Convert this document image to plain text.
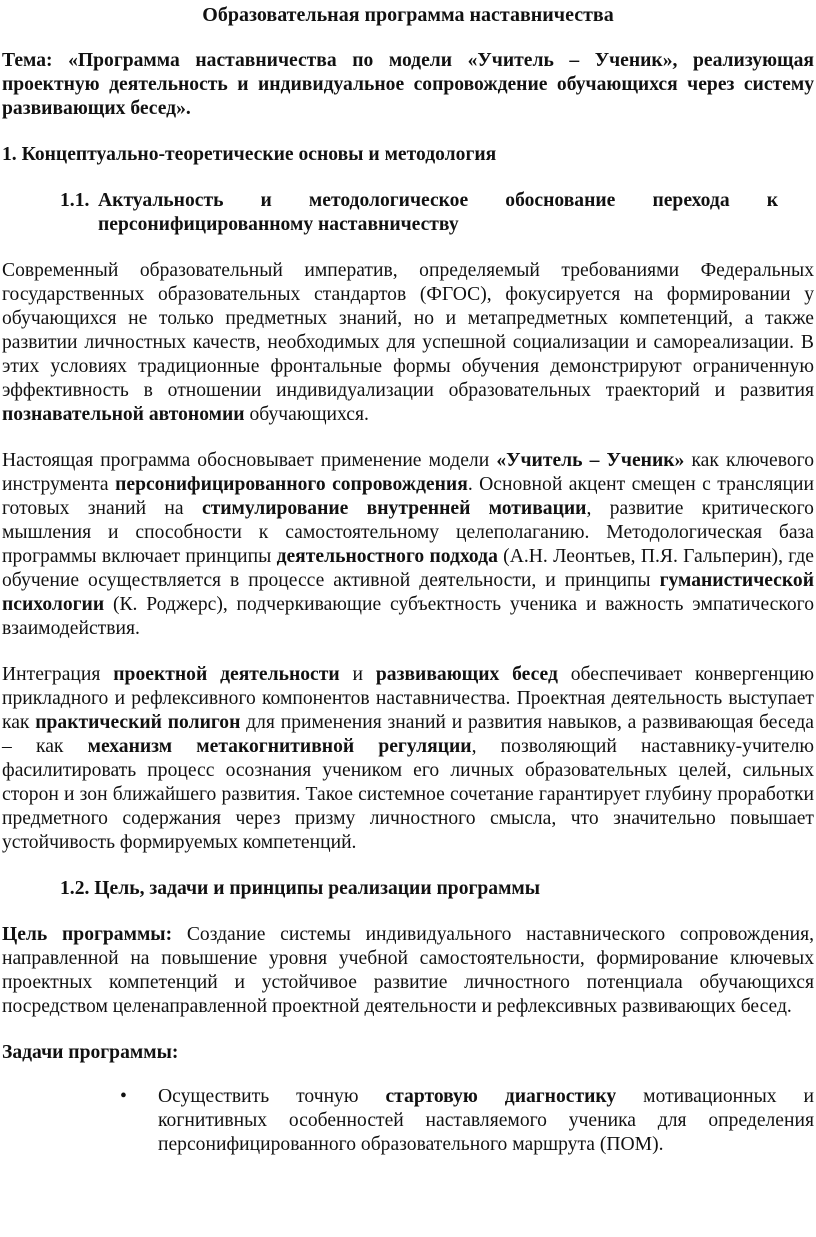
Образовательная программа наставничества
Тема: «Программа наставничества по модели «Учитель – Ученик», реализующая проектную деятельность и индивидуальное сопровождение обучающихся через систему развивающих бесед».
1. Концептуально-теоретические основы и методология
1.1. Актуальность и методологическое обоснование перехода к персонифицированному наставничеству

Современный образовательный императив, определяемый требованиями Федеральных государственных образовательных стандартов (ФГОС), фокусируется на формировании у обучающихся не только предметных знаний, но и метапредметных компетенций, а также развитии личностных качеств, необходимых для успешной социализации и самореализации. В этих условиях традиционные фронтальные формы обучения демонстрируют ограниченную эффективность в отношении индивидуализации образовательных траекторий и развития познавательной автономии обучающихся.

Настоящая программа обосновывает применение модели «Учитель – Ученик» как ключевого инструмента персонифицированного сопровождения. Основной акцент смещен с трансляции готовых знаний на стимулирование внутренней мотивации, развитие критического мышления и способности к самостоятельному целеполаганию. Методологическая база программы включает принципы деятельностного подхода (А.Н. Леонтьев, П.Я. Гальперин), где обучение осуществляется в процессе активной деятельности, и принципы гуманистической психологии (К. Роджерс), подчеркивающие субъектность ученика и важность эмпатического взаимодействия.

Интеграция проектной деятельности и развивающих бесед обеспечивает конвергенцию прикладного и рефлексивного компонентов наставничества. Проектная деятельность выступает как практический полигон для применения знаний и развития навыков, а развивающая беседа – как механизм метакогнитивной регуляции, позволяющий наставнику-учителю фасилитировать процесс осознания учеником его личных образовательных целей, сильных сторон и зон ближайшего развития. Такое системное сочетание гарантирует глубину проработки предметного содержания через призму личностного смысла, что значительно повышает устойчивость формируемых компетенций.

1.2. Цель, задачи и принципы реализации программы

Цель программы: Создание системы индивидуального наставнического сопровождения, направленной на повышение уровня учебной самостоятельности, формирование ключевых проектных компетенций и устойчивое развитие личностного потенциала обучающихся посредством целенаправленной проектной деятельности и рефлексивных развивающих бесед.

Задачи программы:
• Осуществить точную стартовую диагностику мотивационных и когнитивных особенностей наставляемого ученика для определения персонифицированного образовательного маршрута (ПОМ).
